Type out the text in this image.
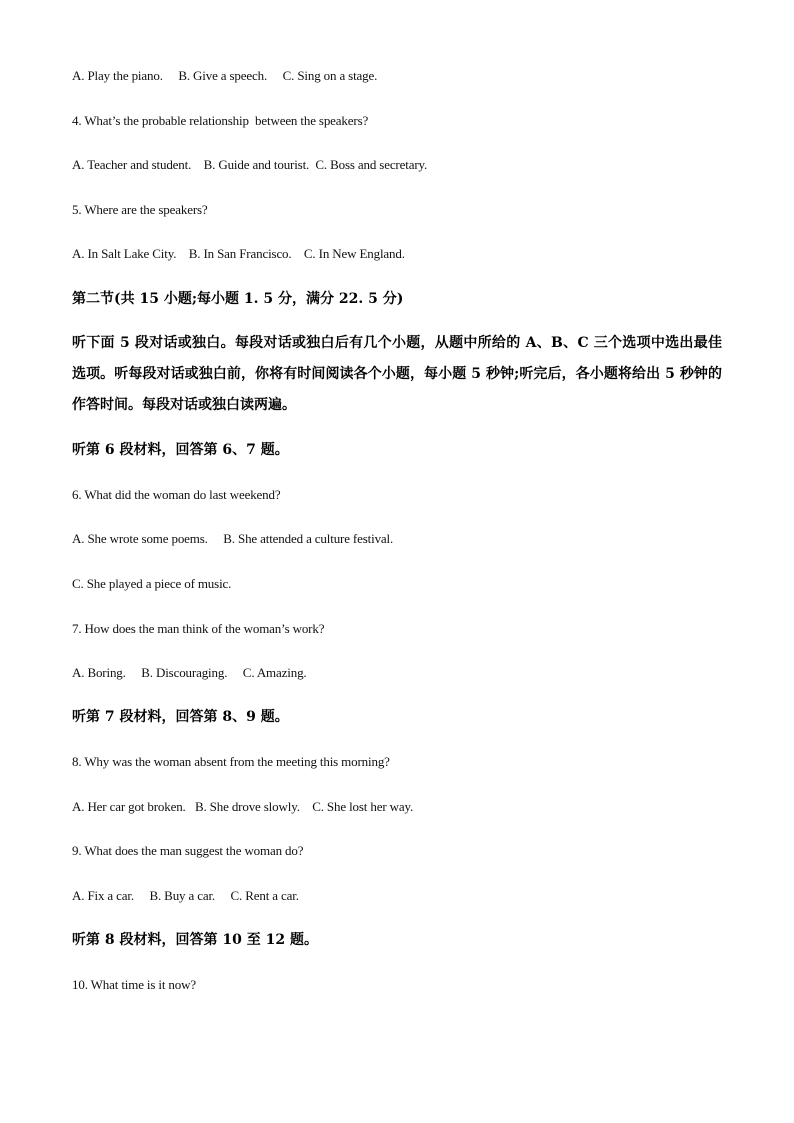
A. Play the piano.     B. Give a speech.     C. Sing on a stage.
4. What’s the probable relationship  between the speakers?
A. Teacher and student.    B. Guide and tourist.  C. Boss and secretary.
5. Where are the speakers?
A. In Salt Lake City.    B. In San Francisco.    C. In New England.
第二节(共 15 小题;每小题 1. 5 分，满分 22. 5 分)
听下面 5 段对话或独白。每段对话或独白后有几个小题，从题中所给的 A、B、C 三个选项中选出最佳选项。听每段对话或独白前，你将有时间阅读各个小题，每小题 5 秒钟;听完后，各小题将给出 5 秒钟的作答时间。每段对话或独白读两遍。
听第 6 段材料，回答第 6、7 题。
6. What did the woman do last weekend?
A. She wrote some poems.     B. She attended a culture festival.
C. She played a piece of music.
7. How does the man think of the woman’s work?
A. Boring.     B. Discouraging.     C. Amazing.
听第 7 段材料，回答第 8、9 题。
8. Why was the woman absent from the meeting this morning?
A. Her car got broken.   B. She drove slowly.    C. She lost her way.
9. What does the man suggest the woman do?
A. Fix a car.     B. Buy a car.     C. Rent a car.
听第 8 段材料，回答第 10 至 12 题。
10. What time is it now?
